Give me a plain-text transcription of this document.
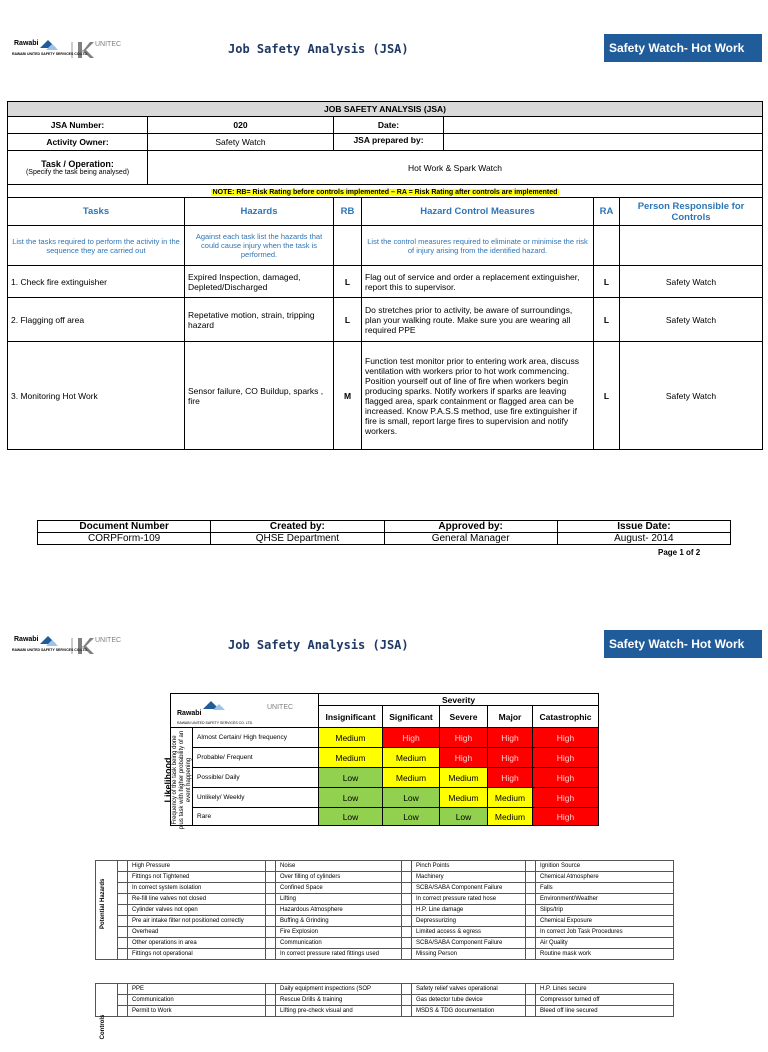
Rawabi	UNITEC
RAWABI UNITED SAFETY SERVICES CO.LTD.	Job Safety Analysis (JSA)	Safety Watch- Hot Work
JOB SAFETY ANALYSIS (JSA)							
JSA Number:	020		Date:				
Activity Owner:	Safety Watch		JSA prepared by:				

Task / Operation:
(Specify the task being analysed)	Hot Work & Spark Watch						
NOTE: RB= Risk Rating before controls implemented – RA = Risk Rating after controls are implemented							
Tasks		Hazards	RB	Hazard Control Measures		RA	Person Responsible for Controls
List the tasks required to perform the activity in the sequence they are carried out		Against each task list the hazards that could cause injury when the task is performed.		List the control measures required to eliminate or minimise the risk of injury arising from the identified hazard.			
1. Check fire extinguisher		Expired Inspection, damaged, Depleted/Discharged	L	Flag out of service and order a replacement extinguisher, report this to supervisor.		L	Safety Watch
2. Flagging off area		Repetative motion, strain, tripping hazard	L	Do stretches prior to activity, be aware of surroundings, plan your walking route. Make sure you are wearing all required PPE		L	Safety Watch
3. Monitoring Hot Work		Sensor failure, CO Buildup, sparks , fire	M	Function test monitor prior to entering work area, discuss ventilation with workers prior to hot work commencing. Position yourself out of line of fire when workers begin producing sparks. Notify workers if sparks are leaving flagged area, spark containment or flagged area can be increased. Know P.A.S.S method, use fire extinguisher if fire is small, report large fires to supervision and notify workers.		L	Safety Watch
Document Number	Created by:	Approved by:	Issue Date:
CORPForm-109	QHSE Department	General Manager	August- 2014
Page 1 of 2
Rawabi	UNITEC
RAWABI UNITED SAFETY SERVICES CO.LTD.	Job Safety Analysis (JSA)	Safety Watch- Hot Work
Rawabi
UNITEC
RAWABI UNITED SAFETY SERVICES CO. LTD.		Severity				
		Insignificant	Significant	Severe	Major	Catastrophic

Likelihood Frequency of the task being done plus task with higher probability of an event happening	Almost Certain/ High frequency	Medium	High	High	High	High
	Probable/ Frequent	Medium	Medium	High	High	High
	Possible/ Daily	Low	Medium	Medium	High	High
	Unlikely/ Weekly	Low	Low	Medium	Medium	High
	Rare	Low	Low	Low	Medium	High
Potential Hazards		High Pressure		Noise		Pinch Points		Ignition Source
		Fittings not Tightened		Over filling of cylinders		Machinery		Chemical Atmosphere
		In correct system isolation		Confined Space		SCBA/SABA Component Failure		Falls
		Re-fill line valves not closed		Lifting		In correct pressure rated hose		Environment/Weather
		Cylinder valves not open		Hazardous Atmosphere		H.P. Line damage		Slips/trip
		Pre air intake filter not positioned correctly		Buffing & Grinding		Depressurizing		Chemical Exposure
		Overhead		Fire Explosion		Limited access & egress		In correct Job Task Procedures
		Other operations in area		Communication		SCBA/SABA Component Failure		Air Quality
		Fittings not operational		In correct pressure rated fittings used		Missing Person		Routine mask work
Controls		PPE		Daily equipment inspections (SOP		Safety relief valves operational		H.P. Lines secure
		Communication		Rescue Drills & training		Gas detector tube device		Compressor turned off
		Permit to Work		Lifting pre-check visual and		MSDS & TDG documentation		Bleed off line secured
